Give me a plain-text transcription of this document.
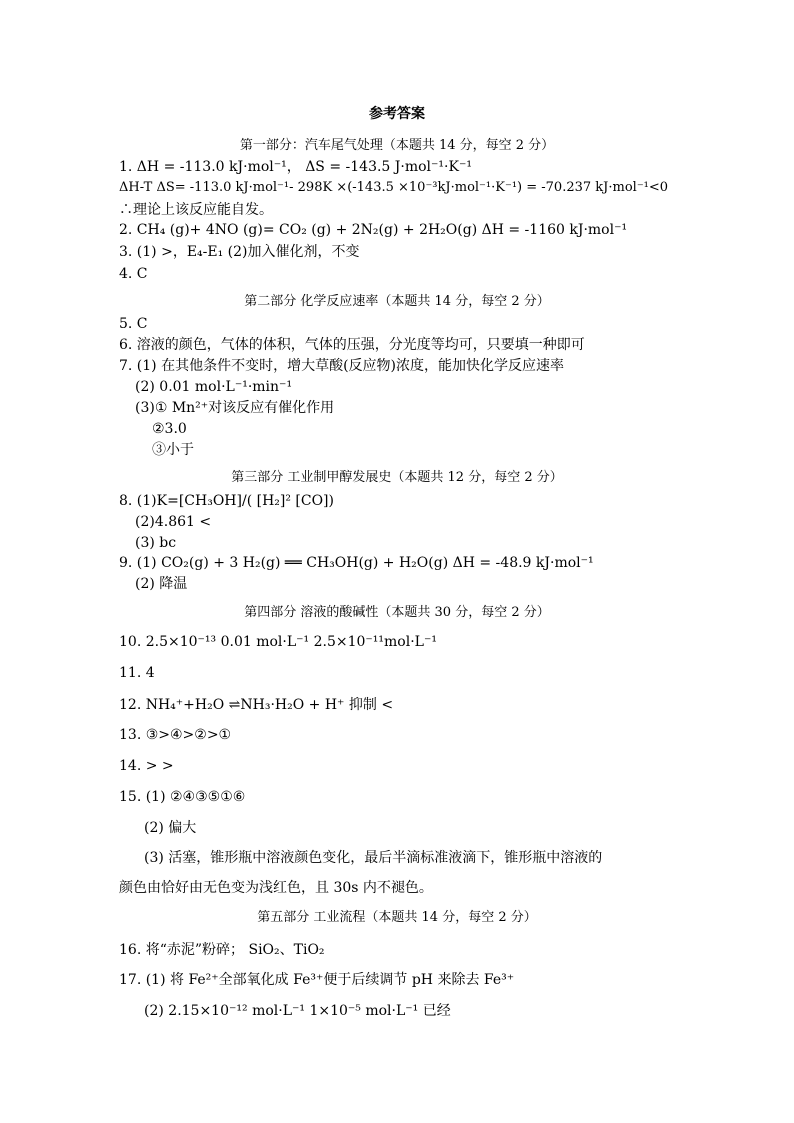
参考答案
第一部分：汽车尾气处理（本题共 14 分，每空 2 分）
1. ΔH = -113.0 kJ·mol⁻¹， ΔS = -143.5 J·mol⁻¹·K⁻¹
ΔH-T ΔS= -113.0 kJ·mol⁻¹- 298K ×(-143.5 ×10⁻³kJ·mol⁻¹·K⁻¹) = -70.237 kJ·mol⁻¹<0
∴理论上该反应能自发。
2. CH₄ (g)+ 4NO (g)= CO₂ (g) + 2N₂(g) + 2H₂O(g) ΔH = -1160 kJ·mol⁻¹
3. (1) >，E₄-E₁ (2)加入催化剂，不变
4. C
第二部分 化学反应速率（本题共 14 分，每空 2 分）
5. C
6. 溶液的颜色，气体的体积，气体的压强，分光度等均可，只要填一种即可
7. (1) 在其他条件不变时，增大草酸(反应物)浓度，能加快化学反应速率
(2) 0.01 mol·L⁻¹·min⁻¹
(3)① Mn²⁺对该反应有催化作用
②3.0
③小于
第三部分 工业制甲醇发展史（本题共 12 分，每空 2 分）
8. (1)K=[CH₃OH]/( [H₂]² [CO])
(2)4.861 <
(3) bc
9. (1) CO₂(g) + 3 H₂(g) ══ CH₃OH(g) + H₂O(g) ΔH = -48.9 kJ·mol⁻¹
(2) 降温
第四部分 溶液的酸碱性（本题共 30 分，每空 2 分）
10. 2.5×10⁻¹³ 0.01 mol·L⁻¹ 2.5×10⁻¹¹mol·L⁻¹
11. 4
12. NH₄⁺+H₂O ⇌NH₃·H₂O + H⁺ 抑制 <
13. ③>④>②>①
14. > >
15. (1) ②④③⑤①⑥
(2) 偏大
(3) 活塞，锥形瓶中溶液颜色变化，最后半滴标准液滴下，锥形瓶中溶液的
颜色由恰好由无色变为浅红色，且 30s 内不褪色。
第五部分 工业流程（本题共 14 分，每空 2 分）
16. 将“赤泥”粉碎； SiO₂、TiO₂
17. (1) 将 Fe²⁺全部氧化成 Fe³⁺便于后续调节 pH 来除去 Fe³⁺
(2) 2.15×10⁻¹² mol·L⁻¹ 1×10⁻⁵ mol·L⁻¹ 已经
